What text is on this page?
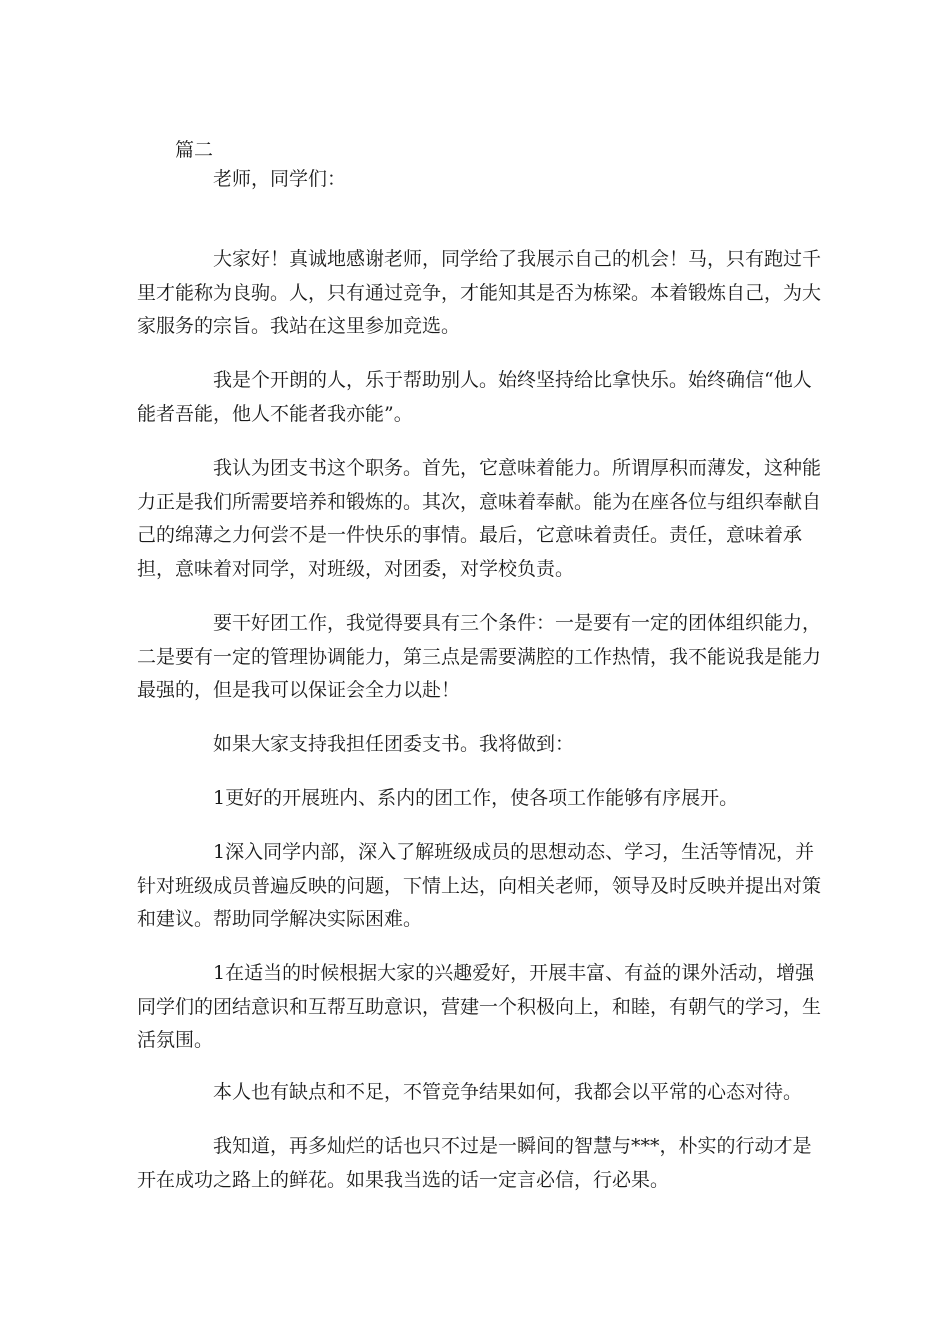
篇二

老师，同学们：

大家好！真诚地感谢老师，同学给了我展示自己的机会！马，只有跑过千里才能称为良驹。人，只有通过竞争，才能知其是否为栋梁。本着锻炼自己，为大家服务的宗旨。我站在这里参加竞选。

我是个开朗的人，乐于帮助别人。始终坚持给比拿快乐。始终确信“他人能者吾能，他人不能者我亦能”。

我认为团支书这个职务。首先，它意味着能力。所谓厚积而薄发，这种能力正是我们所需要培养和锻炼的。其次，意味着奉献。能为在座各位与组织奉献自己的绵薄之力何尝不是一件快乐的事情。最后，它意味着责任。责任，意味着承担，意味着对同学，对班级，对团委，对学校负责。

要干好团工作，我觉得要具有三个条件：一是要有一定的团体组织能力，二是要有一定的管理协调能力，第三点是需要满腔的工作热情，我不能说我是能力最强的，但是我可以保证会全力以赴！

如果大家支持我担任团委支书。我将做到：

1更好的开展班内、系内的团工作，使各项工作能够有序展开。

1深入同学内部，深入了解班级成员的思想动态、学习，生活等情况，并针对班级成员普遍反映的问题，下情上达，向相关老师，领导及时反映并提出对策和建议。帮助同学解决实际困难。

1在适当的时候根据大家的兴趣爱好，开展丰富、有益的课外活动，增强同学们的团结意识和互帮互助意识，营建一个积极向上，和睦，有朝气的学习，生活氛围。

本人也有缺点和不足，不管竞争结果如何，我都会以平常的心态对待。

我知道，再多灿烂的话也只不过是一瞬间的智慧与***，朴实的行动才是开在成功之路上的鲜花。如果我当选的话一定言必信，行必果。
